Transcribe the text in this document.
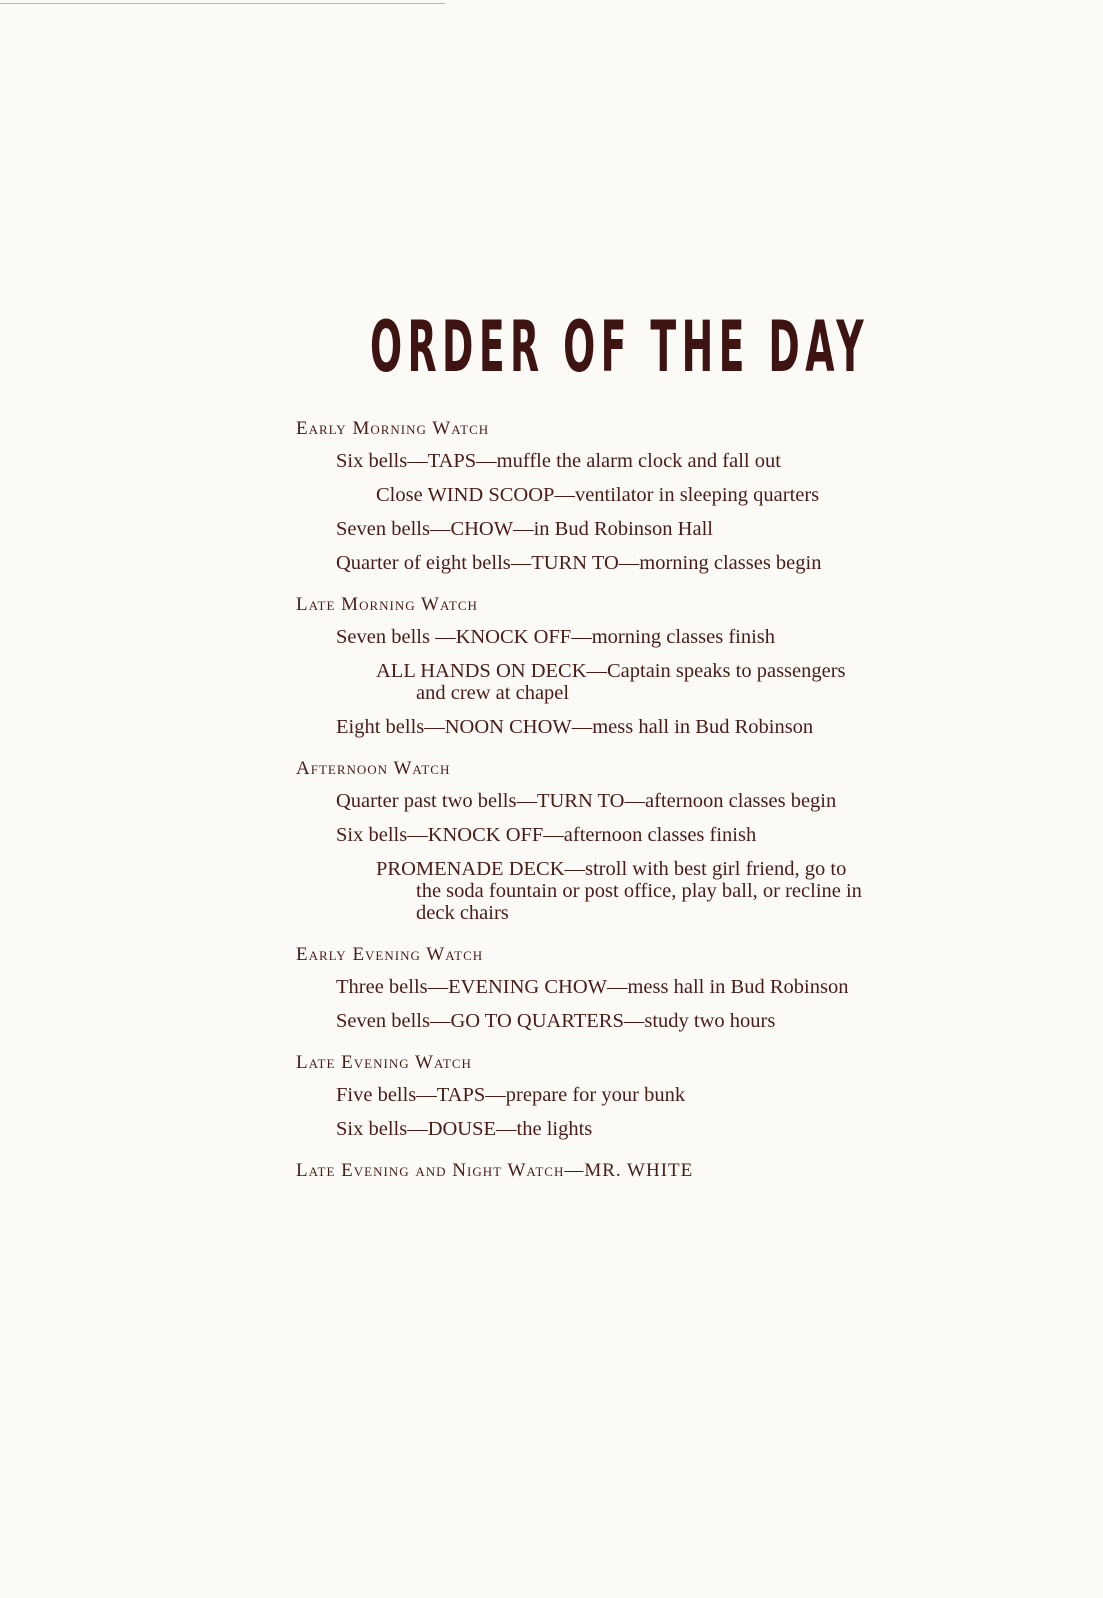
ORDER OF THE DAY

Early Morning Watch

Six bells—TAPS—muffle the alarm clock and fall out

Close WIND SCOOP—ventilator in sleeping quarters

Seven bells—CHOW—in Bud Robinson Hall

Quarter of eight bells—TURN TO—morning classes begin

Late Morning Watch

Seven bells —KNOCK OFF—morning classes finish

ALL HANDS ON DECK—Captain speaks to passengers and crew at chapel

Eight bells—NOON CHOW—mess hall in Bud Robinson

Afternoon Watch

Quarter past two bells—TURN TO—afternoon classes begin

Six bells—KNOCK OFF—afternoon classes finish

PROMENADE DECK—stroll with best girl friend, go to the soda fountain or post office, play ball, or recline in deck chairs

Early Evening Watch

Three bells—EVENING CHOW—mess hall in Bud Robinson

Seven bells—GO TO QUARTERS—study two hours

Late Evening Watch

Five bells—TAPS—prepare for your bunk

Six bells—DOUSE—the lights

Late Evening and Night Watch—MR. WHITE
